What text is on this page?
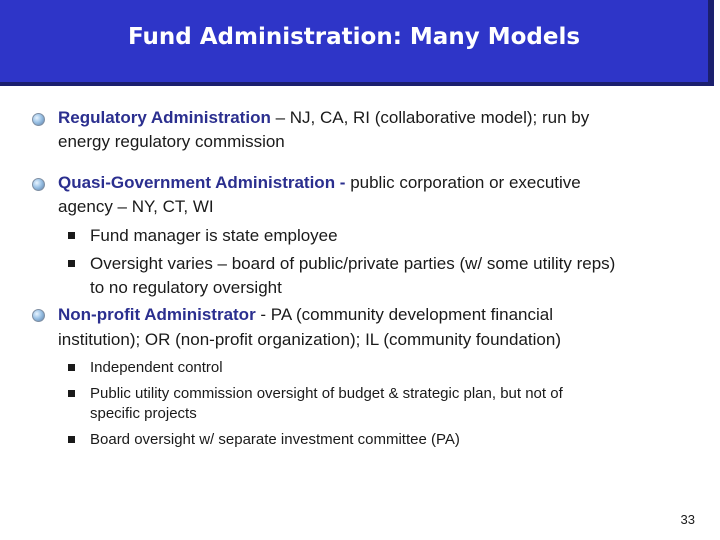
Fund Administration: Many Models
Regulatory Administration – NJ, CA, RI (collaborative model); run by
energy regulatory commission
Quasi-Government Administration - public corporation or executive
agency – NY, CT, WI
Fund manager is state employee
Oversight varies – board of public/private parties (w/ some utility reps)
to no regulatory oversight
Non-profit Administrator - PA (community development financial
institution); OR (non-profit organization); IL (community foundation)
Independent control
Public utility commission oversight of budget & strategic plan, but not of
specific projects
Board oversight w/ separate investment committee (PA)
33
